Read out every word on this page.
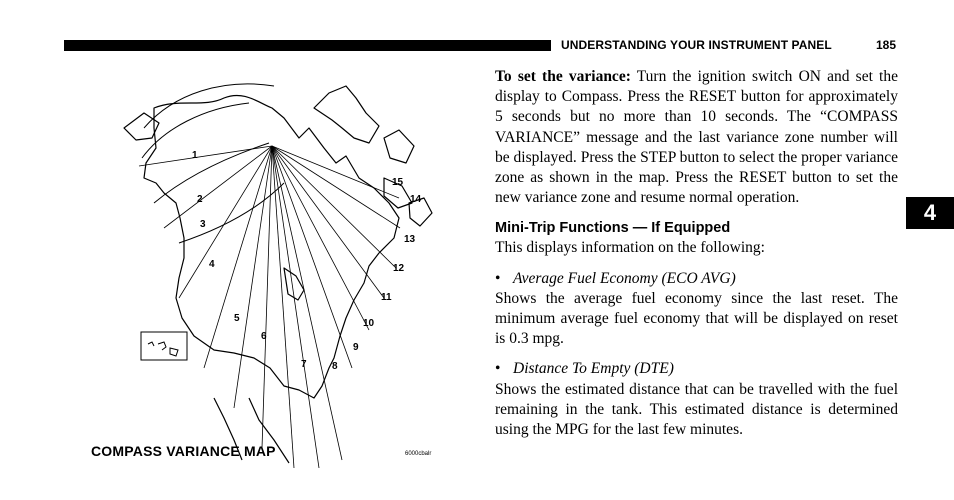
UNDERSTANDING YOUR INSTRUMENT PANEL	185
4
1
2
3
4
5
6
7	8
9
10
11
12
13
14
15
COMPASS VARIANCE MAP	6000cbalr

To set the variance: Turn the ignition switch ON and set the display to Compass. Press the RESET button for approximately 5 seconds but no more than 10 seconds. The “COMPASS VARIANCE” message and the last variance zone number will be displayed. Press the STEP button to select the proper variance zone as shown in the map. Press the RESET button to set the new variance zone and resume normal operation.

Mini-Trip Functions — If Equipped

This displays information on the following:

• Average Fuel Economy (ECO AVG)

Shows the average fuel economy since the last reset. The minimum average fuel economy that will be displayed on reset is 0.3 mpg.

• Distance To Empty (DTE)

Shows the estimated distance that can be travelled with the fuel remaining in the tank. This estimated distance is determined using the MPG for the last few minutes.
